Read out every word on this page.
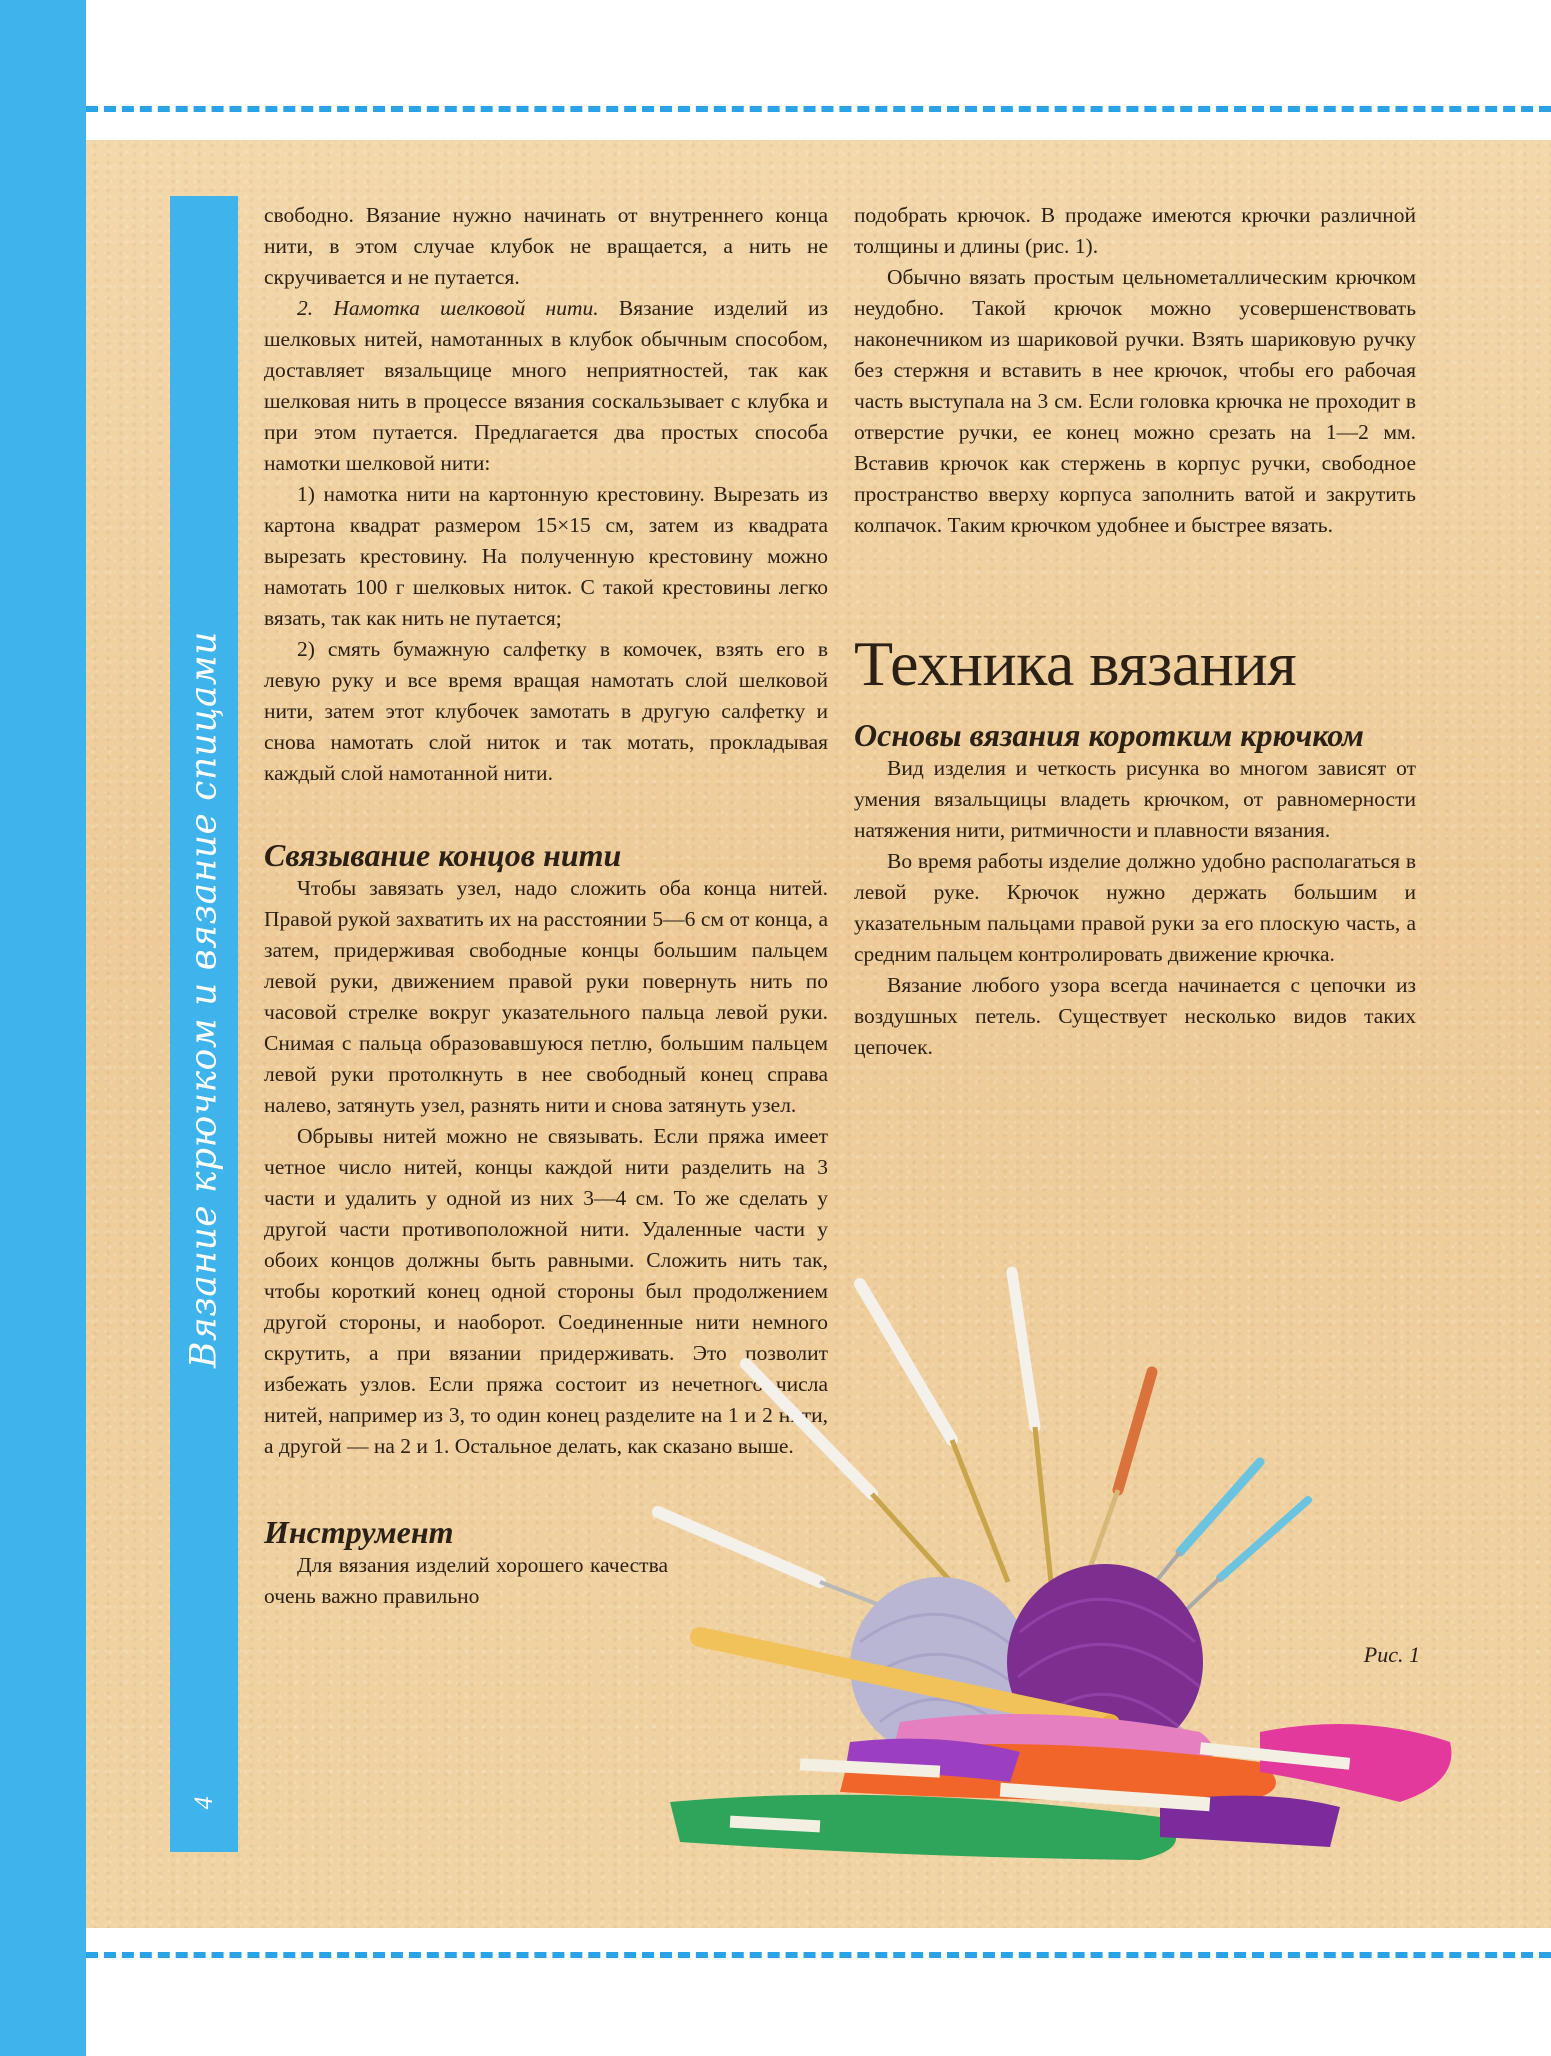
Вязание крючком и вязание спицами
4

свободно. Вязание нужно начинать от внутреннего конца нити, в этом случае клубок не вращается, а нить не скручивается и не путается.

2. Намотка шелковой нити. Вязание изделий из шелковых нитей, намотанных в клубок обычным способом, доставляет вязальщице много неприятностей, так как шелковая нить в процессе вязания соскальзывает с клубка и при этом путается. Предлагается два простых способа намотки шелковой нити:

1) намотка нити на картонную крестовину. Вырезать из картона квадрат размером 15×15 см, затем из квадрата вырезать крестовину. На полученную крестовину можно намотать 100 г шелковых ниток. С такой крестовины легко вязать, так как нить не путается;

2) смять бумажную салфетку в комочек, взять его в левую руку и все время вращая намотать слой шелковой нити, затем этот клубочек замотать в другую салфетку и снова намотать слой ниток и так мотать, прокладывая каждый слой намотанной нити.

Связывание концов нити

Чтобы завязать узел, надо сложить оба конца нитей. Правой рукой захватить их на расстоянии 5—6 см от конца, а затем, придерживая свободные концы большим пальцем левой руки, движением правой руки повернуть нить по часовой стрелке вокруг указательного пальца левой руки. Снимая с пальца образовавшуюся петлю, большим пальцем левой руки протолкнуть в нее свободный конец справа налево, затянуть узел, разнять нити и снова затянуть узел.

Обрывы нитей можно не связывать. Если пряжа имеет четное число нитей, концы каждой нити разделить на 3 части и удалить у одной из них 3—4 см. То же сделать у другой части противоположной нити. Удаленные части у обоих концов должны быть равными. Сложить нить так, чтобы короткий конец одной стороны был продолжением другой стороны, и наоборот. Соединенные нити немного скрутить, а при вязании придерживать. Это позволит избежать узлов. Если пряжа состоит из нечетного числа нитей, например из 3, то один конец разделите на 1 и 2 нити, а другой — на 2 и 1. Остальное делать, как сказано выше.

Инструмент

Для вязания изделий хорошего качества очень важно правильно

подобрать крючок. В продаже имеются крючки различной толщины и длины (рис. 1).

Обычно вязать простым цельнометаллическим крючком неудобно. Такой крючок можно усовершенствовать наконечником из шариковой ручки. Взять шариковую ручку без стержня и вставить в нее крючок, чтобы его рабочая часть выступала на 3 см. Если головка крючка не проходит в отверстие ручки, ее конец можно срезать на 1—2 мм. Вставив крючок как стержень в корпус ручки, свободное пространство вверху корпуса заполнить ватой и закрутить колпачок. Таким крючком удобнее и быстрее вязать.

Техника вязания
Основы вязания коротким крючком

Вид изделия и четкость рисунка во многом зависят от умения вязальщицы владеть крючком, от равномерности натяжения нити, ритмичности и плавности вязания.

Во время работы изделие должно удобно располагаться в левой руке. Крючок нужно держать большим и указательным пальцами правой руки за его плоскую часть, а средним пальцем контролировать движение крючка.

Вязание любого узора всегда начинается с цепочки из воздушных петель. Существует несколько видов таких цепочек.

Рис. 1
